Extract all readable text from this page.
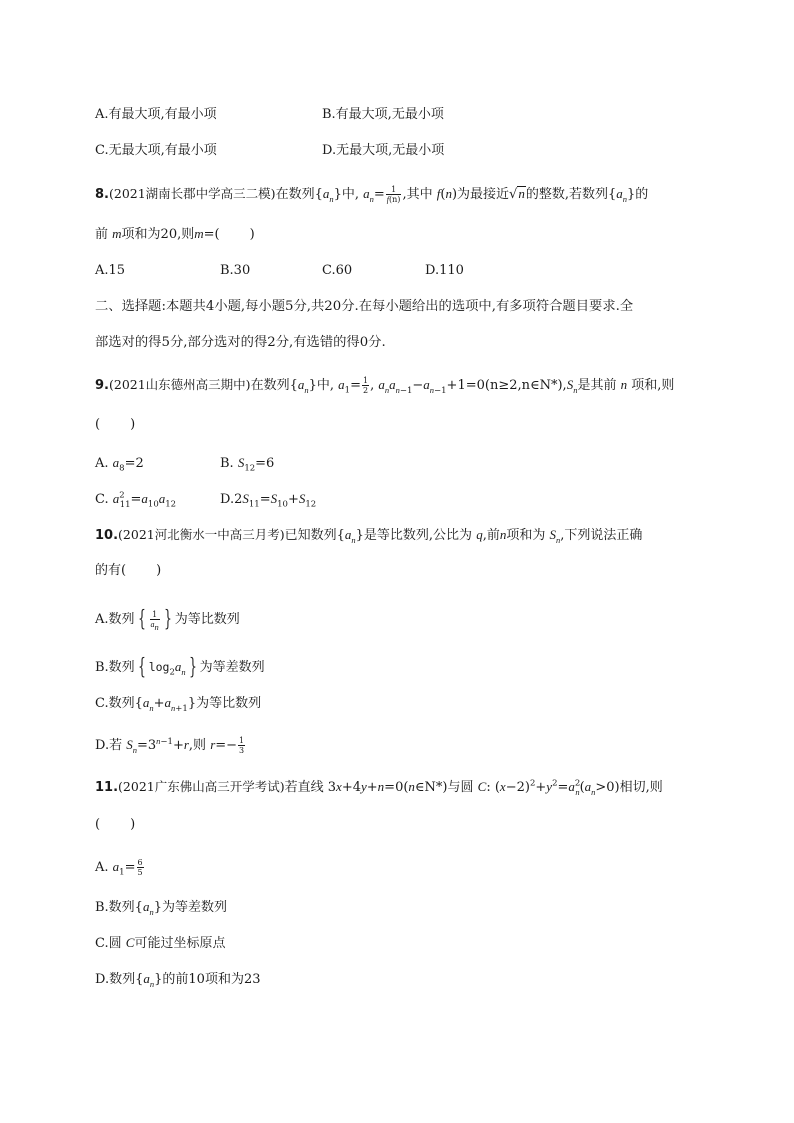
A.有最大项,有最小项	B.有最大项,无最小项
C.无最大项,有最小项	D.无最大项,无最小项
8.(2021湖南长郡中学高三二模)在数列$\{a_n\}$中, $a_n= \frac{1}{f(n)}$ ,其中 f(n)为最接近√n的整数,若数列$\{a_n\}$的
前 m项和为20,则m=( )
A.15	B.30	C.60	D.110
二、选择题:本题共4小题,每小题5分,共20分.在每小题给出的选项中,有多项符合题目要求.全
部选对的得5分,部分选对的得2分,有选错的得0分.
9.(2021山东德州高三期中)在数列$\{a_n\}$中, $a_1= \frac{1}{2}$ , $a_na_{n-1}-a_{n-1}+1=0(n\ge 2,n\in N*),S_n$是其前 n 项和,则
( )
A. $a_8=2$	B. $S_{12}=6$
C. $a^2_{11}=a_{10}a_{12}$	$D.2S_{11}=S_{10}+S_{12}$
10.(2021河北衡水一中高三月考)已知数列$\{a_n\}$是等比数列,公比为 q,前n项和为 $S_n$,下列说法正确
的有( )
A.数列 { $\frac{1}{a_n}$ } 为等比数列
B.数列 { $\log_2a_n$ } 为等差数列
C.数列$\{a_n+a_{n+1}\}$为等比数列
D.若 $S_n=3^{n-1}+r$,则 $r=- \frac{1}{3}$
11.(2021广东佛山高三开学考试)若直线 3x+4y+n=0(n∈N*)与圆 C: $(x-2)^2+y^2=a^2_n(a_n>0)$相切,则
( )
A. $a_1= \frac{6}{5}$
B.数列$\{a_n\}$为等差数列
C.圆 C可能过坐标原点
D.数列$\{a_n\}$的前10项和为23
